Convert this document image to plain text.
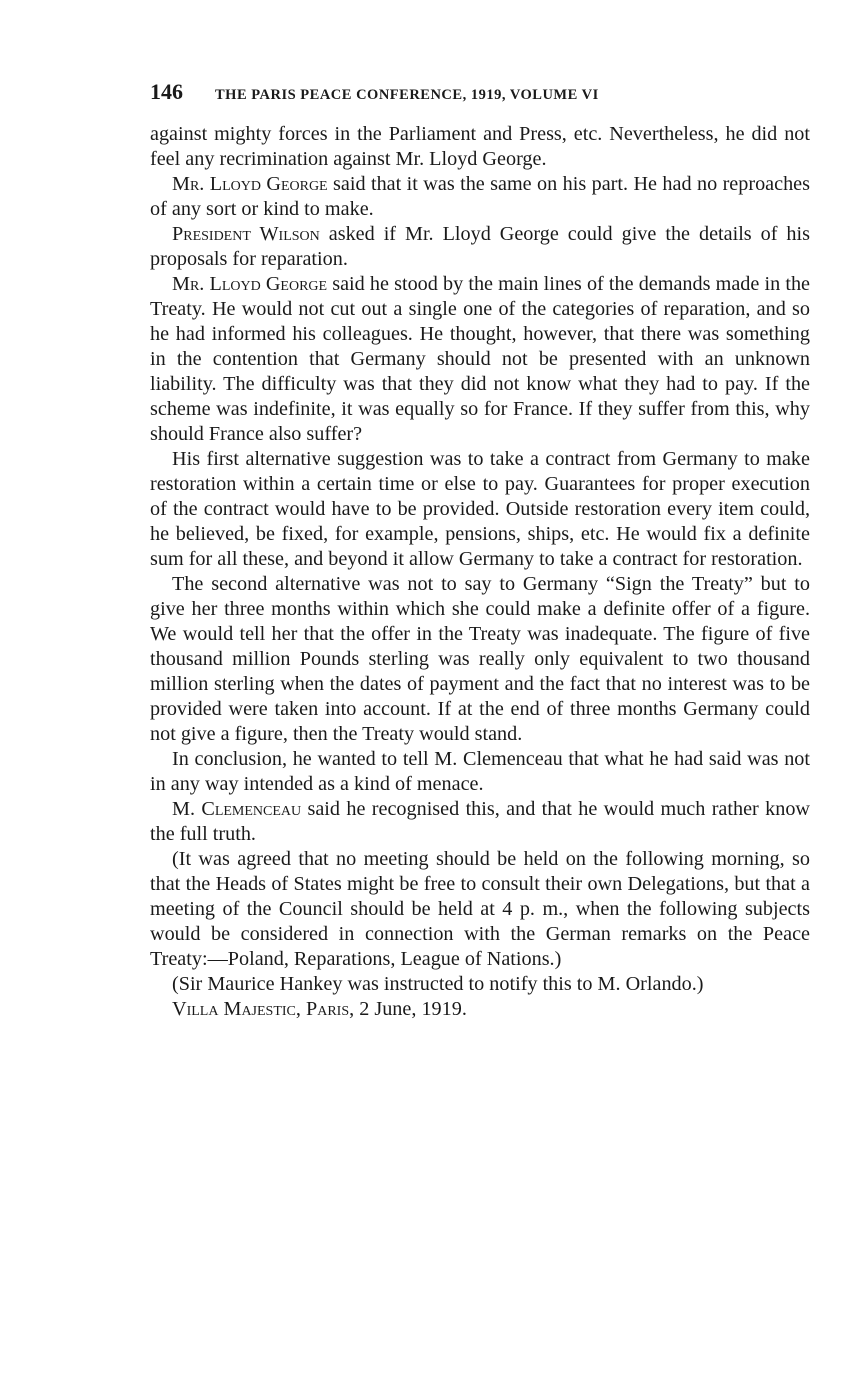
146 THE PARIS PEACE CONFERENCE, 1919, VOLUME VI

against mighty forces in the Parliament and Press, etc. Nevertheless, he did not feel any recrimination against Mr. Lloyd George.

Mr. Lloyd George said that it was the same on his part. He had no reproaches of any sort or kind to make.

President Wilson asked if Mr. Lloyd George could give the details of his proposals for reparation.

Mr. Lloyd George said he stood by the main lines of the demands made in the Treaty. He would not cut out a single one of the categories of reparation, and so he had informed his colleagues. He thought, however, that there was something in the contention that Germany should not be presented with an unknown liability. The difficulty was that they did not know what they had to pay. If the scheme was indefinite, it was equally so for France. If they suffer from this, why should France also suffer?

His first alternative suggestion was to take a contract from Germany to make restoration within a certain time or else to pay. Guarantees for proper execution of the contract would have to be provided. Outside restoration every item could, he believed, be fixed, for example, pensions, ships, etc. He would fix a definite sum for all these, and beyond it allow Germany to take a contract for restoration.

The second alternative was not to say to Germany “Sign the Treaty” but to give her three months within which she could make a definite offer of a figure. We would tell her that the offer in the Treaty was inadequate. The figure of five thousand million Pounds sterling was really only equivalent to two thousand million sterling when the dates of payment and the fact that no interest was to be provided were taken into account. If at the end of three months Germany could not give a figure, then the Treaty would stand.

In conclusion, he wanted to tell M. Clemenceau that what he had said was not in any way intended as a kind of menace.

M. Clemenceau said he recognised this, and that he would much rather know the full truth.

(It was agreed that no meeting should be held on the following morning, so that the Heads of States might be free to consult their own Delegations, but that a meeting of the Council should be held at 4 p. m., when the following subjects would be considered in connection with the German remarks on the Peace Treaty:—Poland, Reparations, League of Nations.)

(Sir Maurice Hankey was instructed to notify this to M. Orlando.)

Villa Majestic, Paris, 2 June, 1919.
